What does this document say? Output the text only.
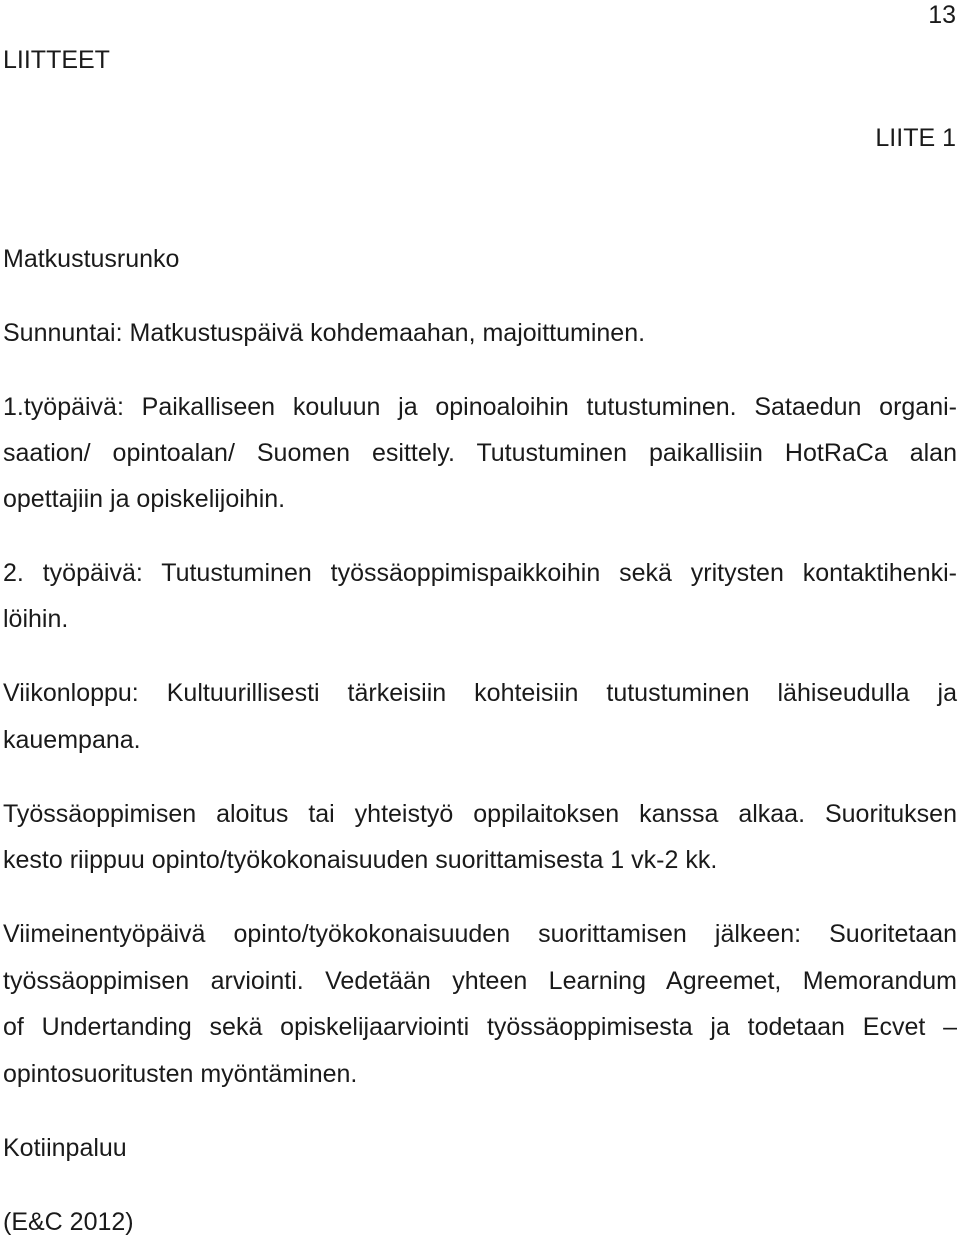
13
LIITTEET
LIITE 1
Matkustusrunko
Sunnuntai: Matkustuspäivä kohdemaahan, majoittuminen.
1.työpäivä: Paikalliseen kouluun ja opinoaloihin tutustuminen. Sataedun organi-
saation/ opintoalan/ Suomen esittely. Tutustuminen paikallisiin HotRaCa alan
opettajiin ja opiskelijoihin.
2. työpäivä: Tutustuminen työssäoppimispaikkoihin sekä yritysten kontaktihenki-
löihin.
Viikonloppu: Kultuurillisesti tärkeisiin kohteisiin tutustuminen lähiseudulla ja
kauempana.
Työssäoppimisen aloitus tai yhteistyö oppilaitoksen kanssa alkaa. Suorituksen
kesto riippuu opinto/työkokonaisuuden suorittamisesta 1 vk-2 kk.
Viimeinentyöpäivä opinto/työkokonaisuuden suorittamisen jälkeen: Suoritetaan
työssäoppimisen arviointi. Vedetään yhteen Learning Agreemet, Memorandum
of Undertanding sekä opiskelijaarviointi työssäoppimisesta ja todetaan Ecvet –
opintosuoritusten myöntäminen.
Kotiinpaluu
(E&C 2012)
